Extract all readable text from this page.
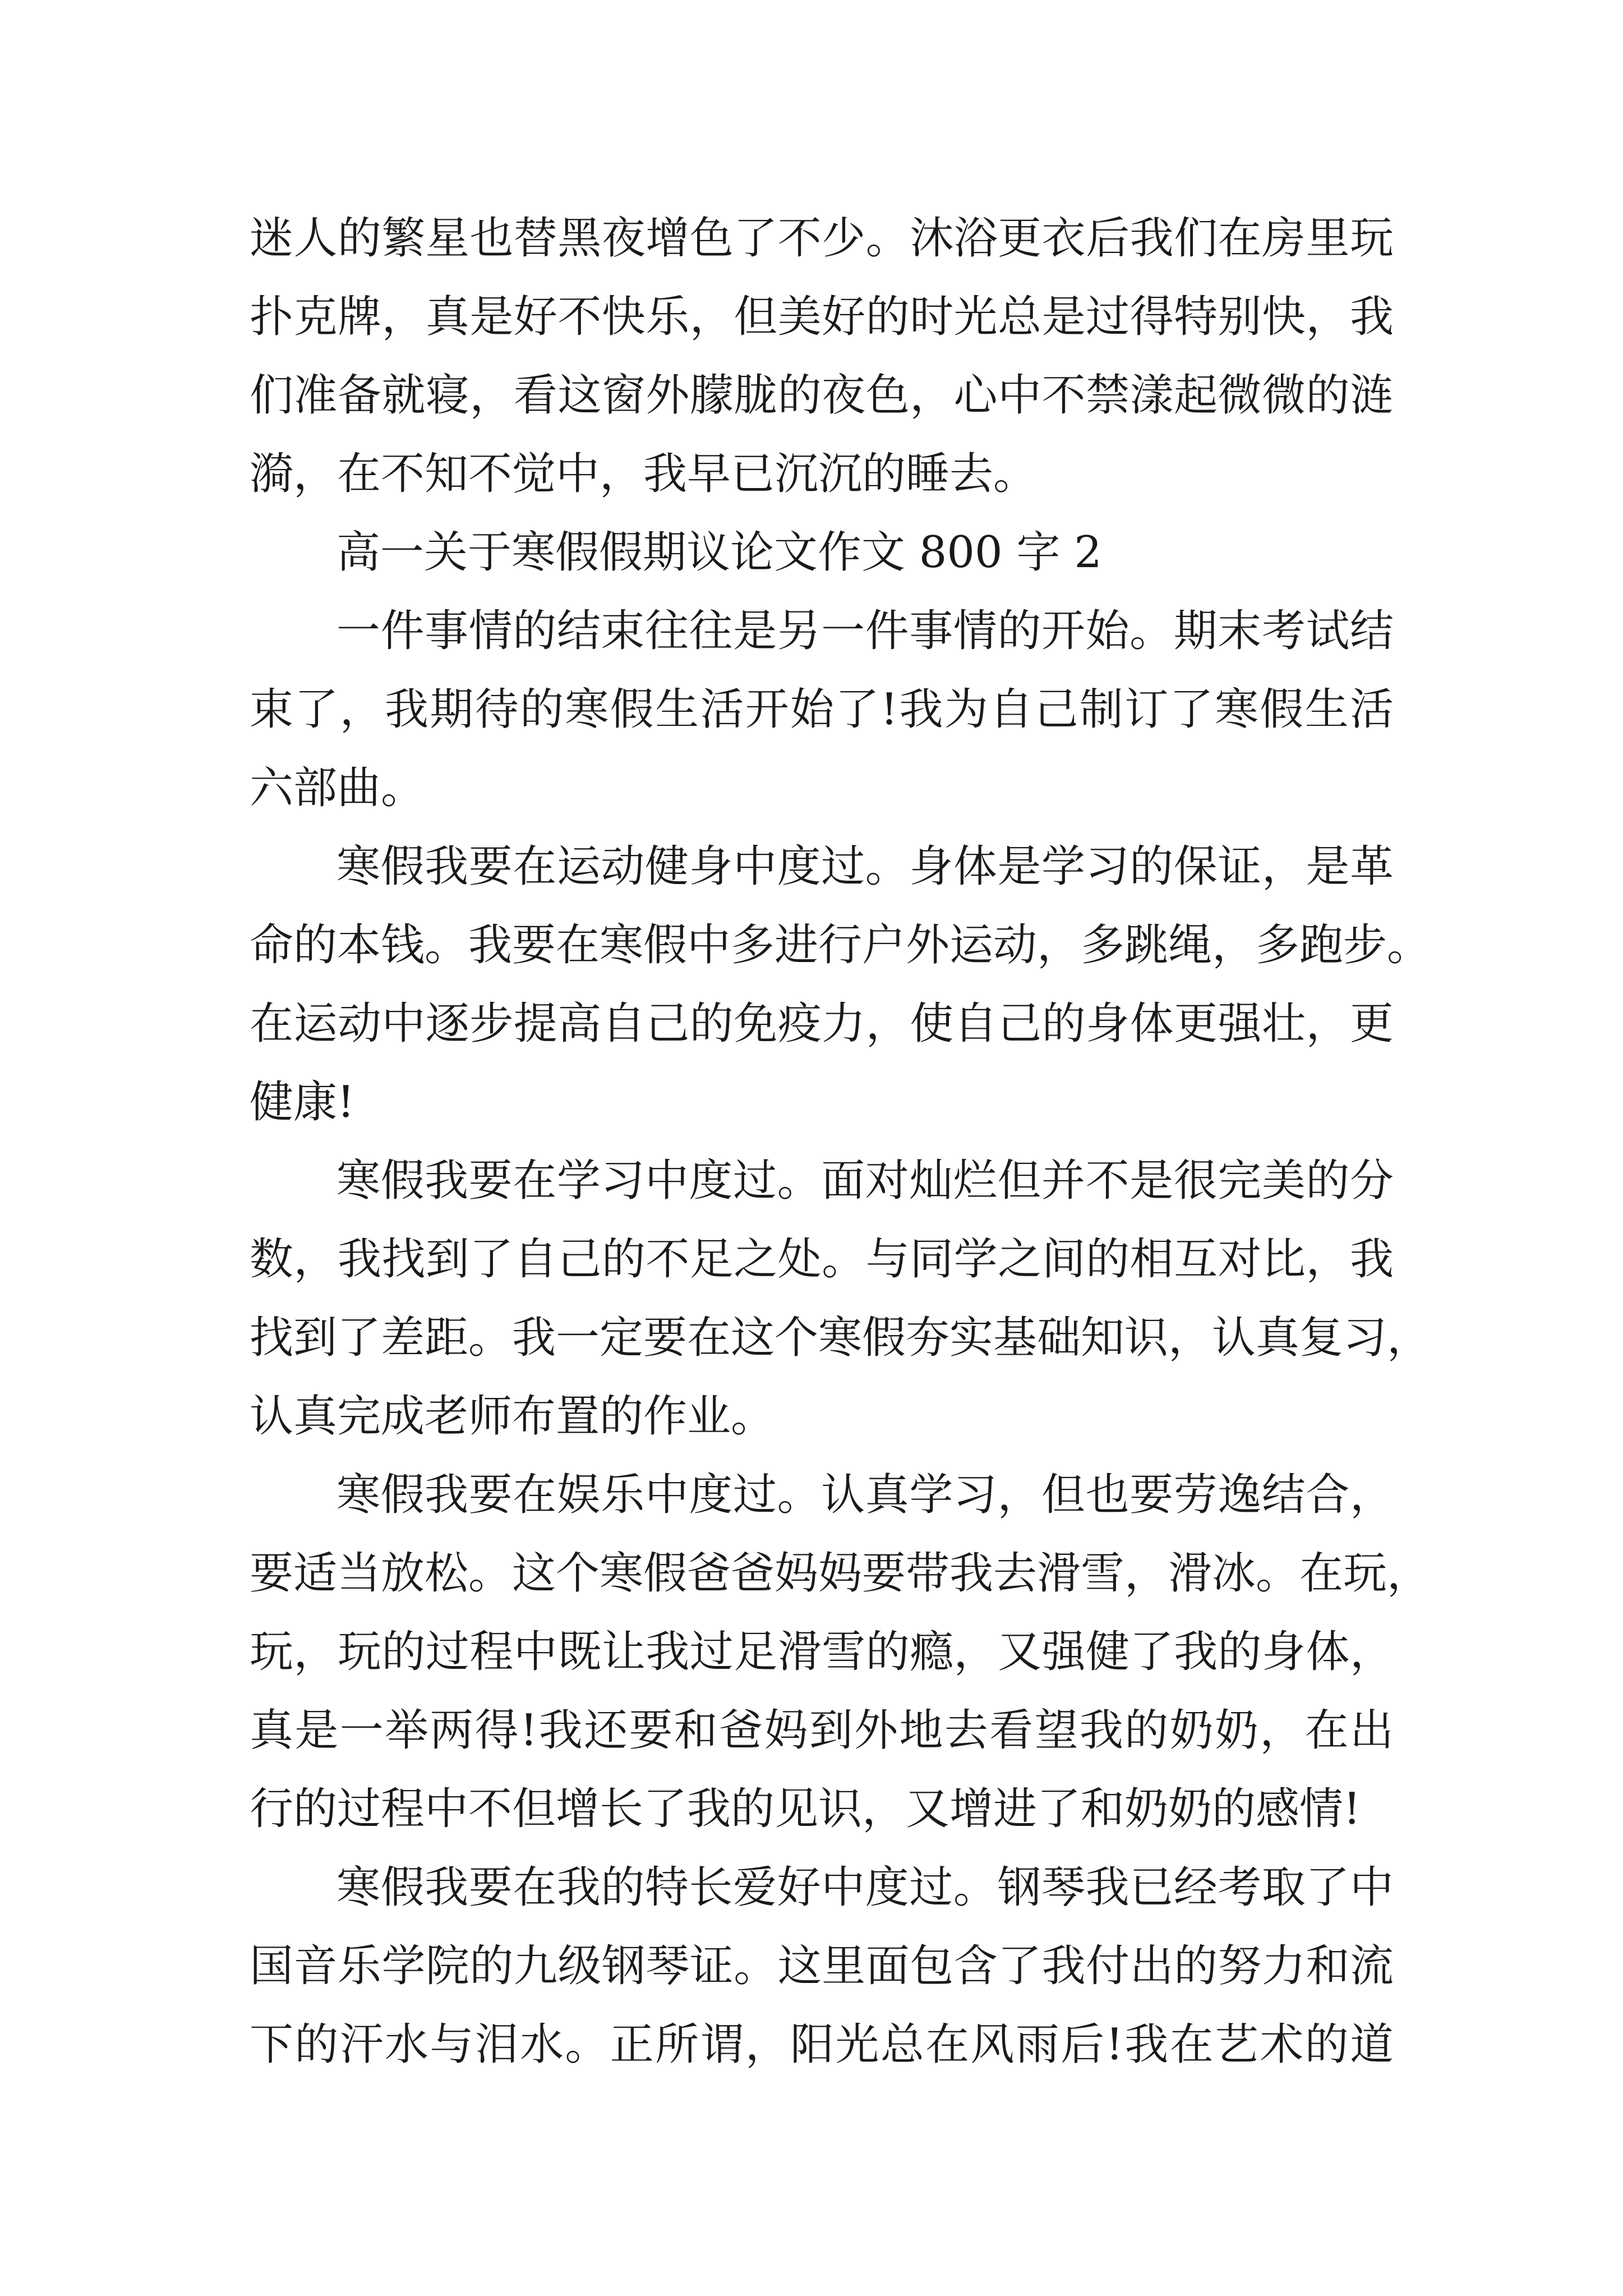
迷人的繁星也替黑夜增色了不少。沐浴更衣后我们在房里玩
扑克牌，真是好不快乐，但美好的时光总是过得特别快，我
们准备就寝，看这窗外朦胧的夜色，心中不禁漾起微微的涟
漪，在不知不觉中，我早已沉沉的睡去。
高一关于寒假假期议论文作文 800 字 2
一件事情的结束往往是另一件事情的开始。期末考试结
束了，我期待的寒假生活开始了!我为自己制订了寒假生活
六部曲。
寒假我要在运动健身中度过。身体是学习的保证，是革
命的本钱。我要在寒假中多进行户外运动，多跳绳，多跑步。
在运动中逐步提高自己的免疫力，使自己的身体更强壮，更
健康!
寒假我要在学习中度过。面对灿烂但并不是很完美的分
数，我找到了自己的不足之处。与同学之间的相互对比，我
找到了差距。我一定要在这个寒假夯实基础知识，认真复习，
认真完成老师布置的作业。
寒假我要在娱乐中度过。认真学习，但也要劳逸结合，
要适当放松。这个寒假爸爸妈妈要带我去滑雪，滑冰。在玩，
玩，玩的过程中既让我过足滑雪的瘾，又强健了我的身体，
真是一举两得!我还要和爸妈到外地去看望我的奶奶，在出
行的过程中不但增长了我的见识，又增进了和奶奶的感情!
寒假我要在我的特长爱好中度过。钢琴我已经考取了中
国音乐学院的九级钢琴证。这里面包含了我付出的努力和流
下的汗水与泪水。正所谓，阳光总在风雨后!我在艺术的道
